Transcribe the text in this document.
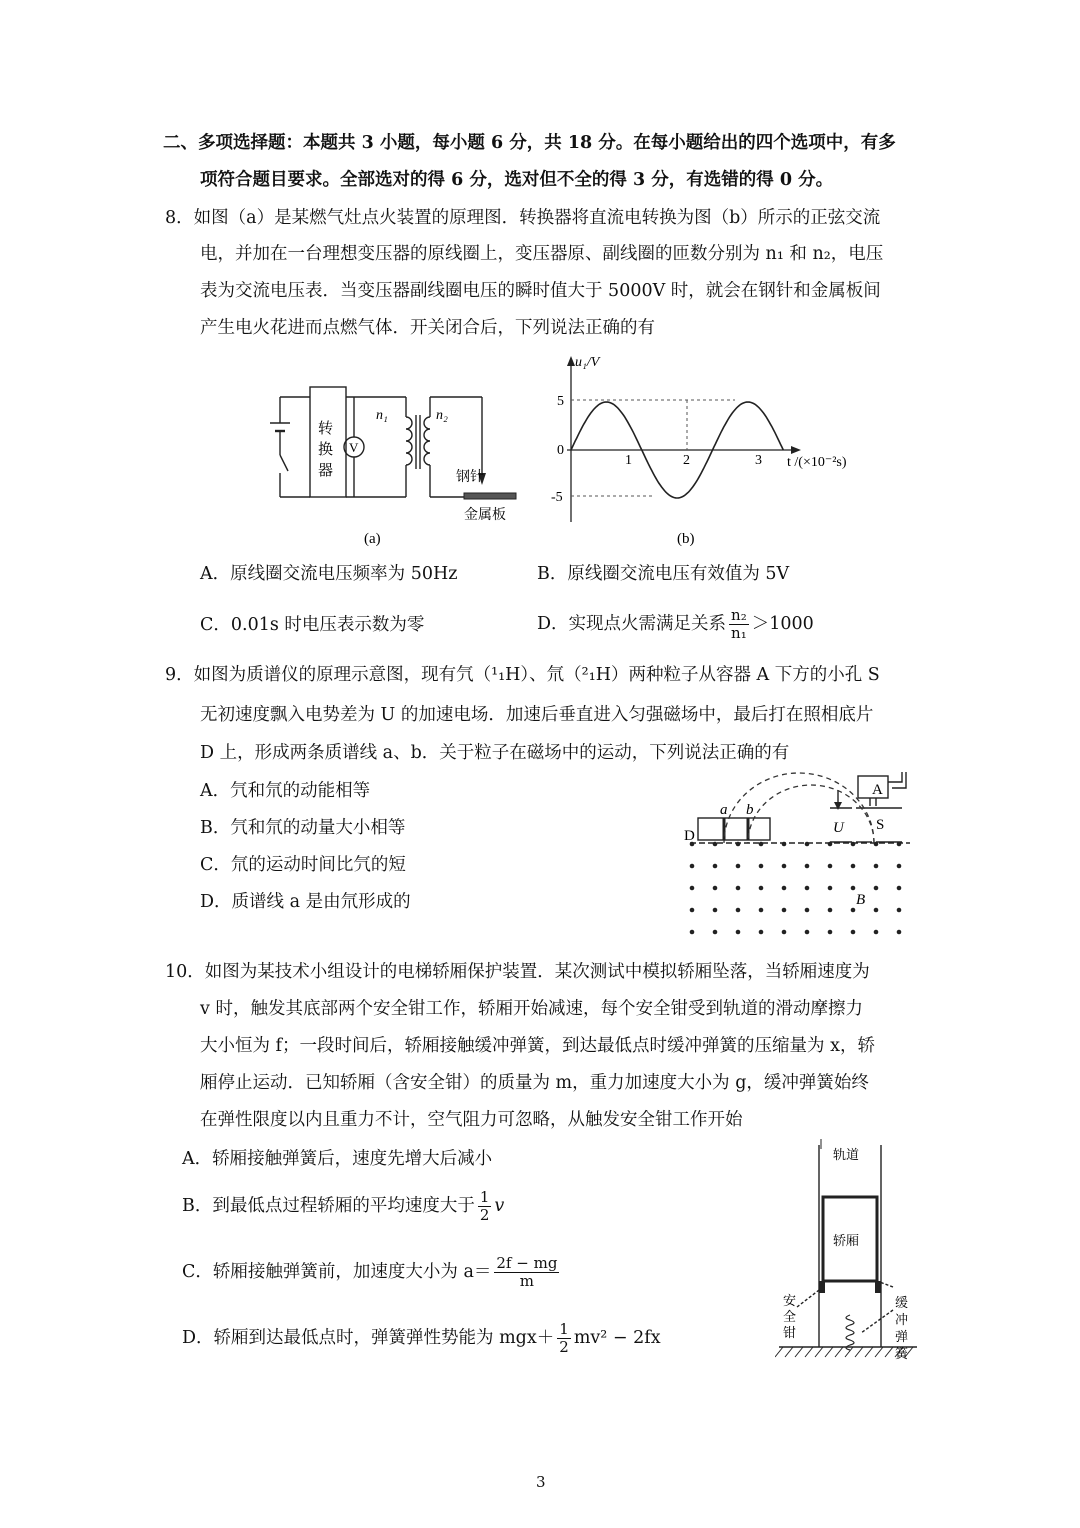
二、多项选择题：本题共 3 小题，每小题 6 分，共 18 分。在每小题给出的四个选项中，有多
项符合题目要求。全部选对的得 6 分，选对但不全的得 3 分，有选错的得 0 分。
8．如图（a）是某燃气灶点火装置的原理图．转换器将直流电转换为图（b）所示的正弦交流
电，并加在一台理想变压器的原线圈上，变压器原、副线圈的匝数分别为 n₁ 和 n₂，电压
表为交流电压表．当变压器副线圈电压的瞬时值大于 5000V 时，就会在钢针和金属板间
产生电火花进而点燃气体．开关闭合后，下列说法正确的有
转
换
器
V
n₁	n₂
钢针
金属板
(a)
u₁/V
5
0
-5
1	2	3 t /(×10⁻²s)
(b)
A．原线圈交流电压频率为 50Hz	B．原线圈交流电压有效值为 5V
C．0.01s 时电压表示数为零	D．实现点火需满足关系 $\frac{\text{n₂}}{\text{n₁}} >1000$
9．如图为质谱仪的原理示意图，现有氕（¹₁H）、氘（²₁H）两种粒子从容器 A 下方的小孔 S
无初速度飘入电势差为 U 的加速电场．加速后垂直进入匀强磁场中，最后打在照相底片
D 上，形成两条质谱线 a、b．关于粒子在磁场中的运动，下列说法正确的有
A．氕和氘的动能相等
B．氕和氘的动量大小相等
C．氘的运动时间比氕的短
D．质谱线 a 是由氘形成的
A
S
U
D
a b
B
10．如图为某技术小组设计的电梯轿厢保护装置．某次测试中模拟轿厢坠落，当轿厢速度为
v 时，触发其底部两个安全钳工作，轿厢开始减速，每个安全钳受到轨道的滑动摩擦力
大小恒为 f；一段时间后，轿厢接触缓冲弹簧，到达最低点时缓冲弹簧的压缩量为 x，轿
厢停止运动．已知轿厢（含安全钳）的质量为 m，重力加速度大小为 g，缓冲弹簧始终
在弹性限度以内且重力不计，空气阻力可忽略，从触发安全钳工作开始
A．轿厢接触弹簧后，速度先增大后减小
B．到最低点过程轿厢的平均速度大于 $\frac{1}{2}$ v
C．轿厢接触弹簧前，加速度大小为 $a= \frac{2f - mg}{m}$
D．轿厢到达最低点时，弹簧弹性势能为 $mgx+ \frac{1}{2} mv^2 - 2fx$
轨道
轿厢
安
全
钳
缓
冲
弹
簧
3
